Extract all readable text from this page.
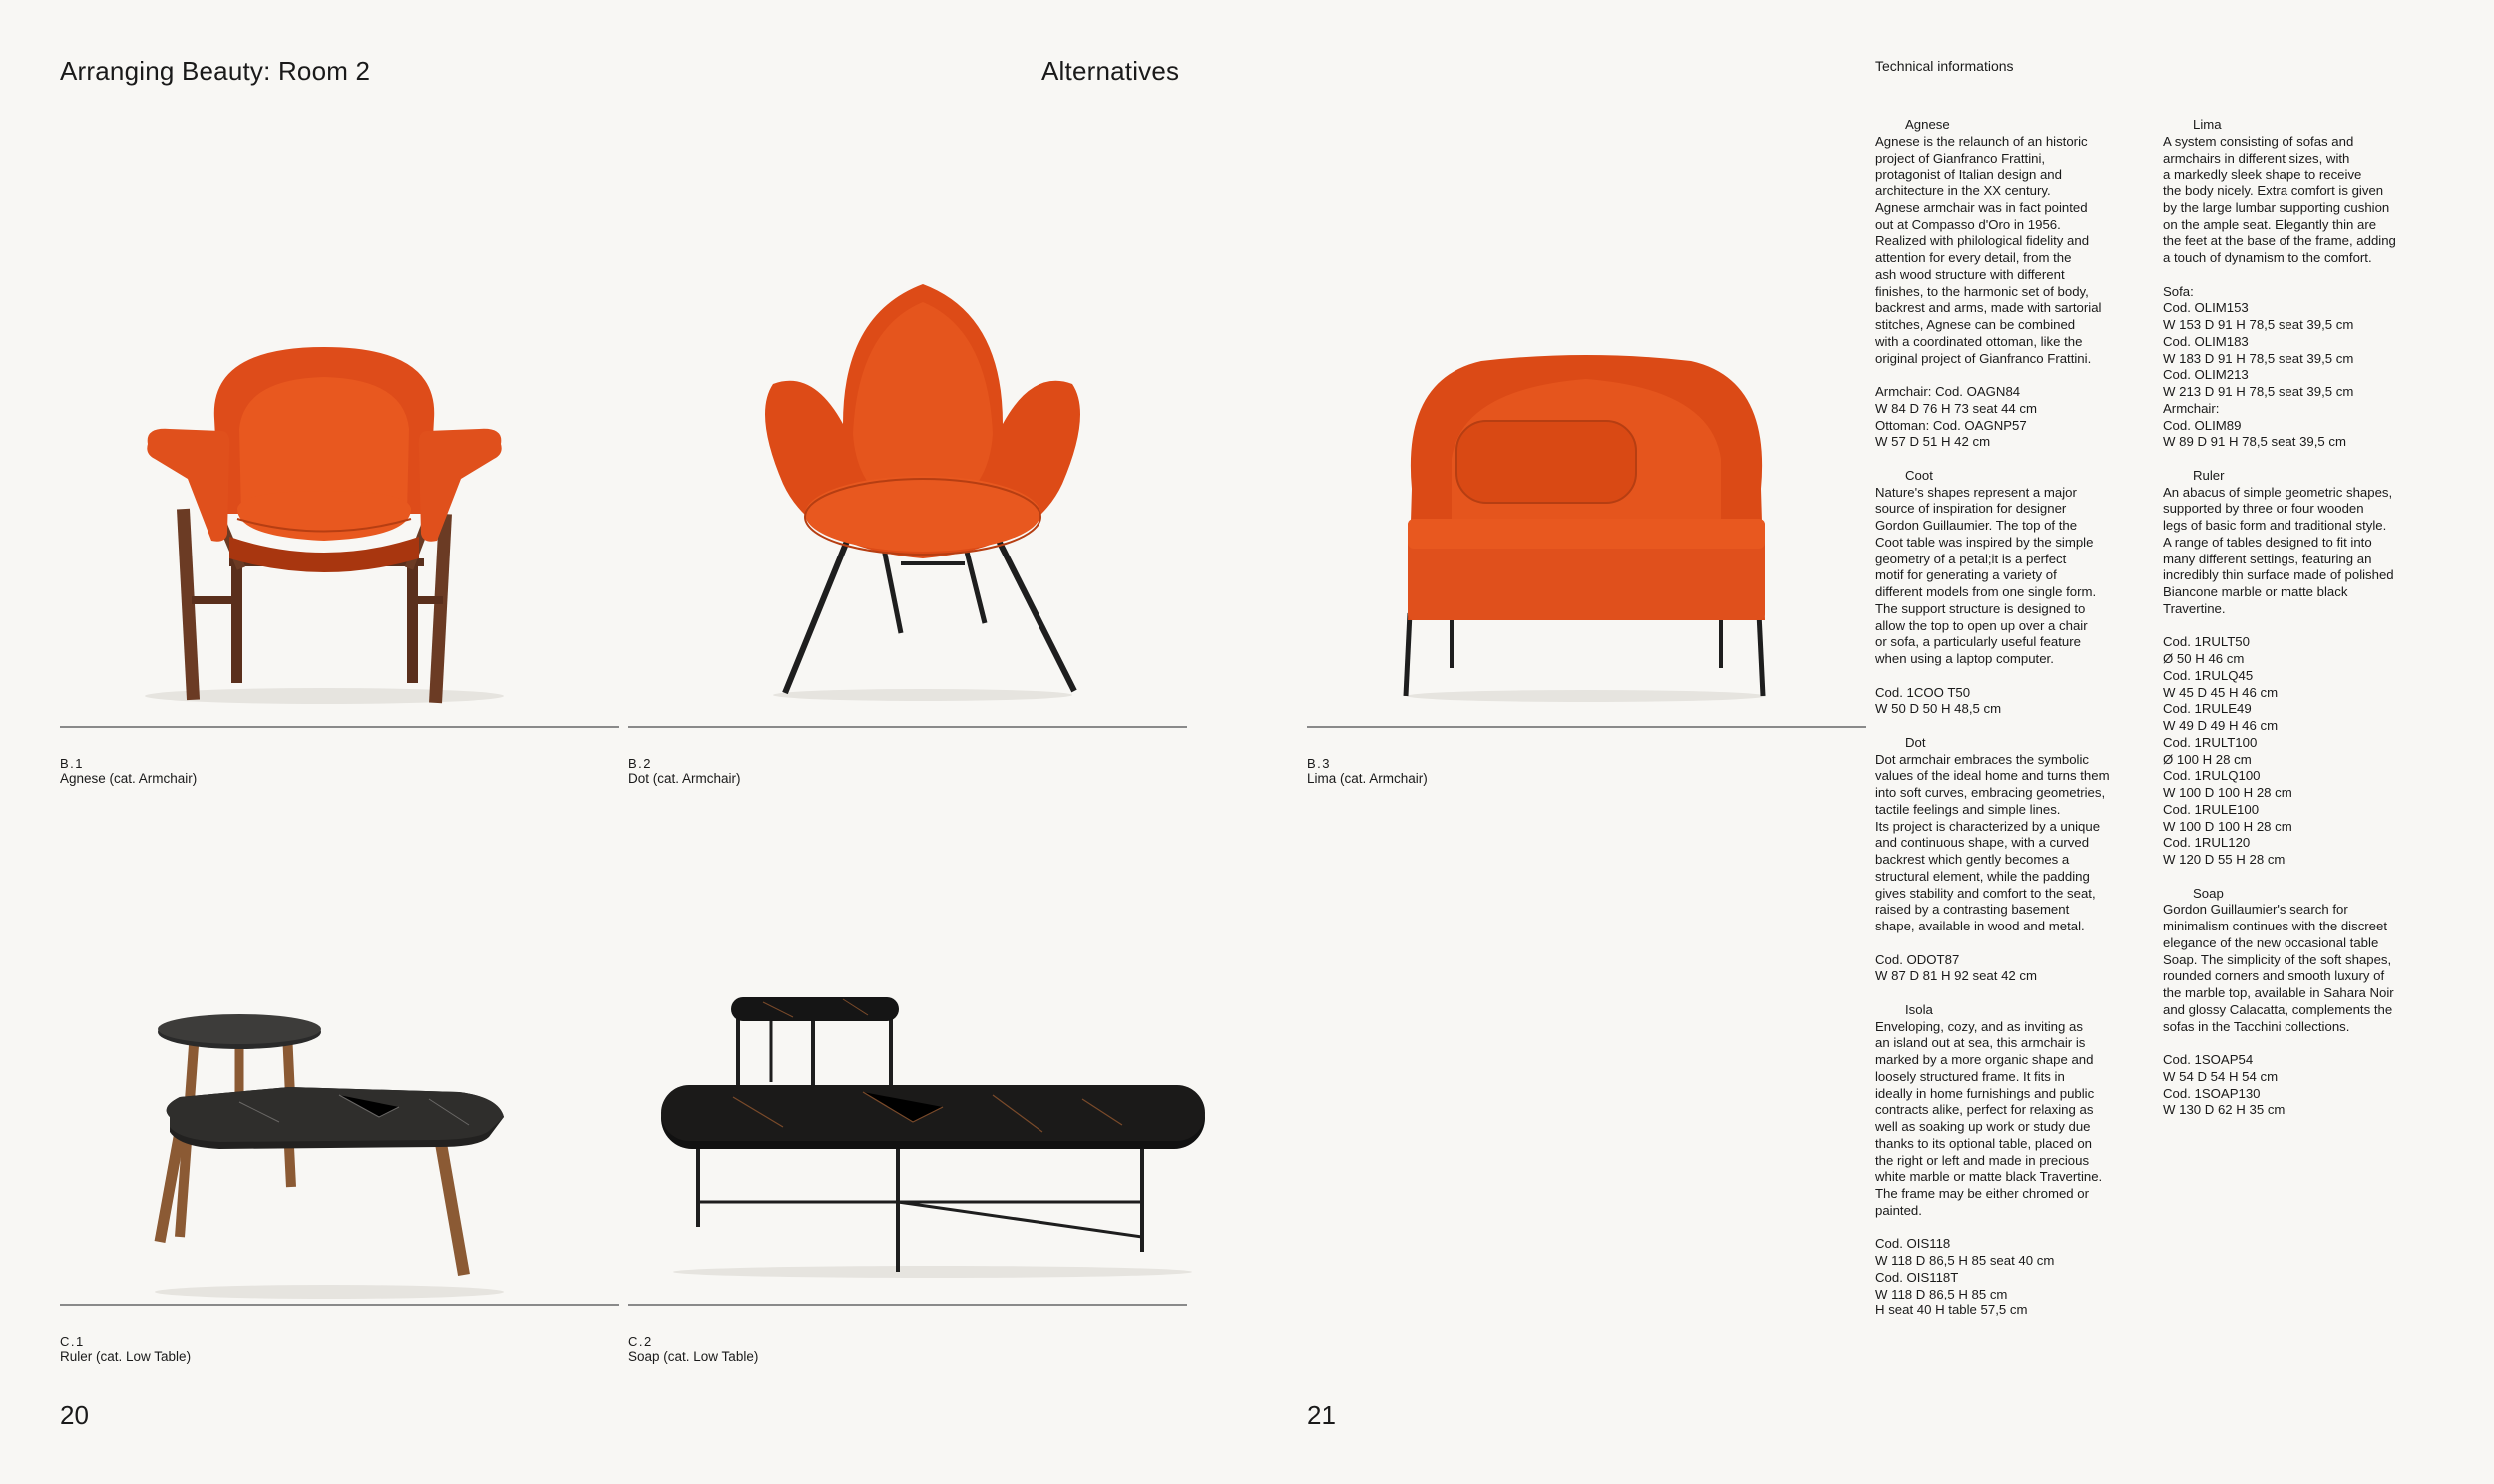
Arranging Beauty: Room 2	Alternatives
20	21
B.1
Agnese (cat. Armchair)
B.2
Dot (cat. Armchair)
B.3
Lima (cat. Armchair)
C.1
Ruler (cat. Low Table)
C.2
Soap (cat. Low Table)
Technical informations

Agnese

Agnese is the relaunch of an historic
project of Gianfranco Frattini,
protagonist of Italian design and
architecture in the XX century.
Agnese armchair was in fact pointed
out at Compasso d'Oro in 1956.
Realized with philological fidelity and
attention for every detail, from the
ash wood structure with different
finishes, to the harmonic set of body,
backrest and arms, made with sartorial
stitches, Agnese can be combined
with a coordinated ottoman, like the
original project of Gianfranco Frattini.

Armchair: Cod. OAGN84
W 84 D 76 H 73 seat 44 cm
Ottoman: Cod. OAGNP57
W 57 D 51 H 42 cm

Coot

Nature's shapes represent a major
source of inspiration for designer
Gordon Guillaumier. The top of the
Coot table was inspired by the simple
geometry of a petal;it is a perfect
motif for generating a variety of
different models from one single form.
The support structure is designed to
allow the top to open up over a chair
or sofa, a particularly useful feature
when using a laptop computer.

Cod. 1COO T50
W 50 D 50 H 48,5 cm

Dot

Dot armchair embraces the symbolic
values of the ideal home and turns them
into soft curves, embracing geometries,
tactile feelings and simple lines.
Its project is characterized by a unique
and continuous shape, with a curved
backrest which gently becomes a
structural element, while the padding
gives stability and comfort to the seat,
raised by a contrasting basement
shape, available in wood and metal.

Cod. ODOT87
W 87 D 81 H 92 seat 42 cm

Isola

Enveloping, cozy, and as inviting as
an island out at sea, this armchair is
marked by a more organic shape and
loosely structured frame. It fits in
ideally in home furnishings and public
contracts alike, perfect for relaxing as
well as soaking up work or study due
thanks to its optional table, placed on
the right or left and made in precious
white marble or matte black Travertine.
The frame may be either chromed or
painted.

Cod. OIS118
W 118 D 86,5 H 85 seat 40 cm
Cod. OIS118T
W 118 D 86,5 H 85 cm
H seat 40 H table 57,5 cm

Lima

A system consisting of sofas and
armchairs in different sizes, with
a markedly sleek shape to receive
the body nicely. Extra comfort is given
by the large lumbar supporting cushion
on the ample seat. Elegantly thin are
the feet at the base of the frame, adding
a touch of dynamism to the comfort.

Sofa:
Cod. OLIM153
W 153 D 91 H 78,5 seat 39,5 cm
Cod. OLIM183
W 183 D 91 H 78,5 seat 39,5 cm
Cod. OLIM213
W 213 D 91 H 78,5 seat 39,5 cm
Armchair:
Cod. OLIM89
W 89 D 91 H 78,5 seat 39,5 cm

Ruler

An abacus of simple geometric shapes,
supported by three or four wooden
legs of basic form and traditional style.
A range of tables designed to fit into
many different settings, featuring an
incredibly thin surface made of polished
Biancone marble or matte black
Travertine.

Cod. 1RULT50
Ø 50 H 46 cm
Cod. 1RULQ45
W 45 D 45 H 46 cm
Cod. 1RULE49
W 49 D 49 H 46 cm
Cod. 1RULT100
Ø 100 H 28 cm
Cod. 1RULQ100
W 100 D 100 H 28 cm
Cod. 1RULE100
W 100 D 100 H 28 cm
Cod. 1RUL120
W 120 D 55 H 28 cm

Soap

Gordon Guillaumier's search for
minimalism continues with the discreet
elegance of the new occasional table
Soap. The simplicity of the soft shapes,
rounded corners and smooth luxury of
the marble top, available in Sahara Noir
and glossy Calacatta, complements the
sofas in the Tacchini collections.

Cod. 1SOAP54
W 54 D 54 H 54 cm
Cod. 1SOAP130
W 130 D 62 H 35 cm
